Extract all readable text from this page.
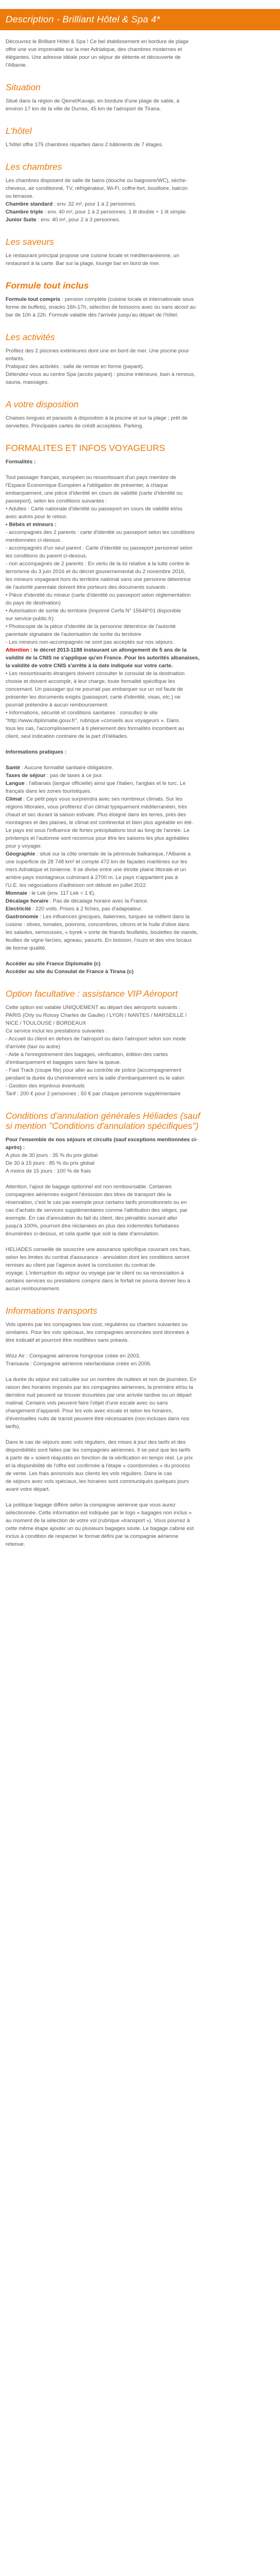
Description - Brilliant Hôtel & Spa 4*

Découvrez le Brilliant Hôtel & Spa ! Ce bel établissement en bordure de plage

offre une vue imprenable sur la mer Adriatique, des chambres modernes et

élégantes. Une adresse idéale pour un séjour de détente et découverte de

l'Albanie.

Situation

Situé dans la région de Qerret/Kavaje, en bordure d'une plage de sable, à

environ 17 km de la ville de Durres, 45 km de l'aéroport de Tirana.

L'hôtel

L'hôtel offre 175 chambres réparties dans 2 bâtiments de 7 étages.

Les chambres

Les chambres disposent de salle de bains (douche ou baignoire/WC), sèche-

cheveux, air conditionné, TV, réfrigérateur, Wi-Fi, coffre-fort, bouilloire, balcon

ou terrasse.

Chambre standard : env. 32 m², pour 1 à 2 personnes.

Chambre triple : env. 40 m², pour 1 à 2 personnes. 1 lit double + 1 lit simple.

Junior Suite : env. 40 m², pour 2 à 3 personnes.

Les saveurs

Le restaurant principal propose une cuisine locale et méditerranéenne, un

restaurant à la carte. Bar sur la plage, lounge bar en bord de mer.

Formule tout inclus

Formule tout compris : pension complète (cuisine locale et internationale sous

forme de buffets), snacks 16h-17h, sélection de boissons avec ou sans alcool au

bar de 10h à 22h. Formule valable dès l'arrivée jusqu'au départ de l'hôtel.

Les activités

Profitez des 2 piscines extérieures dont une en bord de mer. Une piscine pour

enfants.

Pratiquez des activités : salle de remise en forme (payant).

Détendez-vous au centre Spa (accès payant) : piscine intérieure, bain à remous,

sauna, massages.

A votre disposition

Chaises longues et parasols à disposition à la piscine et sur la plage ; prêt de

serviettes. Principales cartes de crédit acceptées. Parking.

FORMALITES ET INFOS VOYAGEURS

Formalités :

Tout passager français, européen ou ressortissant d'un pays membre de

l'Espace Economique Européen a l'obligation de présenter, à chaque

embarquement, une pièce d'identité en cours de validité (carte d'identité ou

passeport), selon les conditions suivantes :

• Adultes : Carte nationale d'identité ou passeport en cours de validité et/ou

avec autres pour le retour.

• Bébés et mineurs :

- accompagnés des 2 parents : carte d'identité ou passeport selon les conditions

mentionnées ci-dessus.

- accompagnés d'un seul parent : Carte d'identité ou passeport personnel selon

les conditions du parent ci-dessus.

- non accompagnés de 2 parents : En vertu de la loi relative à la lutte contre le

terrorisme du 3 juin 2016 et du décret gouvernemental du 2 novembre 2016,

les mineurs voyageant hors du territoire national sans une personne détentrice

de l'autorité parentale doivent être porteurs des documents suivants :

• Pièce d'identité du mineur (carte d'identité ou passeport selon réglementation

du pays de destination)

• Autorisation de sortie du territoire (Imprimé Cerfa N° 15646*01 disponible

sur service-public.fr)

• Photocopie de la pièce d'identité de la personne détentrice de l'autorité

parentale signataire de l'autorisation de sortie du territoire

- Les mineurs non-accompagnés ne sont pas acceptés sur nos séjours.

Attention : le décret 2013-1188 instaurant un allongement de 5 ans de la

validité de la CNIS ne s'applique qu'en France. Pour les autorités albanaises,

la validité de votre CNIS s'arrête à la date indiquée sur votre carte.

• Les ressortissants étrangers doivent consulter le consulat de la destination

choisie et doivent accomplir, à leur charge, toute formalité spécifique les

concernant. Un passager qui ne pourrait pas embarquer sur un vol faute de

présenter les documents exigés (passeport, carte d'identité, visas, etc.) ne

pourrait prétendre à aucun remboursement.

• Informations, sécurité et conditions sanitaires : consultez le site

"http://www.diplomatie.gouv.fr", rubrique «conseils aux voyageurs ». Dans

tous les cas, l'accomplissement à ti pleinement des formalités incombent au

client, seul indication contraire de la part d'Héliades.

Informations pratiques :

Santé : Aucune formalité sanitaire obligatoire.

Taxes de séjour : pas de taxes à ce jour.

Langue : l'albanais (langue officielle) ainsi que l'italien, l'anglais et le turc. Le

français dans les zones touristiques.

Climat : Ce petit pays vous surprendra avec ses nombreux climats. Sur les

régions littorales, vous profiterez d'un climat typiquement méditerranéen, très

chaud et sec durant la saison estivale. Plus éloigné dans les terres, près des

montagnes et des plaines, le climat est continental et bien plus agréable en été.

Le pays est sous l'influence de fortes précipitations tout au long de l'année. Le

printemps et l'automne sont reconnus pour être les saisons les plus agréables

pour y voyager.

Géographie : situé sur la côte orientale de la péninsule balkanique, l'Albanie a

une superficie de 28 748 km² et compte 472 km de façades maritimes sur les

mers Adriatique et Ionienne. Il se divise entre une étroite plaine littorale et un

arrière-pays montagneux culminant à 2700 m. Le pays n'appartient pas à

l'U.E. les négociations d'adhésion ont débuté en juillet 2022

Monnaie : le Lek (env. 117 Lek = 1 €).

Décalage horaire : Pas de décalage horaire avec la France.

Electricité : 220 volts. Prises à 2 fiches, pas d'adaptateur.

Gastronomie : Les influences grecques, italiennes, turques se mêlent dans la

cuisine : olives, tomates, poivrons, concombres, citrons et le huile d'olive dans

les salades, semousses, « byrek » sorte de friands feuilletés, boulettes de viande,

feuilles de vigne farcies, agneau, yaourts. En boisson, l'ouzo et des vins locaux

de bonne qualité.

Accéder au site France Diplomatie (c)

Accéder au site du Consulat de France à Tirana (c)

Option facultative : assistance VIP Aéroport

Cette option est valable UNIQUEMENT au départ des aéroports suivants :

PARIS (Orly ou Roissy Charles de Gaulle) / LYON / NANTES / MARSEILLE /

NICE / TOULOUSE / BORDEAUX

Ce service inclut les prestations suivantes :

- Accueil du client en dehors de l'aéroport ou dans l'aéroport selon son mode

d'arrivée (taxi ou autre)

- Aide à l'enregistrement des bagages, vérification, édition des cartes

d'embarquement et bagages sans faire la queue.

- Fast Track (coupe file) pour aller au contrôle de police (accompagnement

pendant la durée du cheminement vers la salle d'embarquement ou le salon

- Gestion des imprévus éventuels

Tarif : 200 € pour 2 personnes ; 50 € par chaque personne supplémentaire

Conditions d'annulation générales Héliades (sauf
si mention "Conditions d'annulation spécifiques")

Pour l'ensemble de nos séjours et circuits (sauf exceptions mentionnées ci-

après) :

A plus de 30 jours : 35 % du prix global

De 30 à 15 jours : 85 % du prix global

A moins de 15 jours : 100 % de frais

Attention, l'ajout de bagage optionnel est non remboursable. Certaines

compagnies aériennes exigent l'émission des titres de transport dès la

réservation, c'est le cas par exemple pour certains tarifs promotionnels ou en

cas d'achats de services supplémentaires comme l'attribution des sièges, par

exemple. En cas d'annulation du fait du client, des pénalités ouvrant aller

jusqu'à 100%, pourront être réclamées en plus des indemnités forfaitaires

énumérées ci-dessus, et cela quelle que soit la date d'annulation.

HELIADES conseille de souscrire une assurance spécifique couvrant ces frais,

selon les limites du contrat d'assurance - annulation dont les conditions seront

remises au client par l'agence avant la conclusion du contrat de

voyage. L'interruption du séjour ou voyage par le client ou sa renonciation à

certains services ou prestations compris dans le forfait ne pourra donner lieu à

aucun remboursement.

Informations transports

Vols opérés par les compagnies low cost, régulières ou charters suivantes ou

similaires. Pour les vols spéciaux, les compagnies annoncées sont données à

titre indicatif et pourront être modifiées sans préavis.

Wizz Air : Compagnie aérienne hongroise créée en 2003.

Transavia : Compagnie aérienne néerlandaise créée en 2006.

La durée du séjour est calculée sur un nombre de nuitées et non de journées. En

raison des horaires imposés par les compagnies aériennes, la première et/ou la

dernière nuit peuvent se trouver écourtées par une arrivée tardive ou un départ

matinal. Certains vols peuvent faire l'objet d'une escale avec ou sans

changement d'appareil. Pour les vols avec escale et selon les horaires,

d'éventuelles nuits de transit peuvent être nécessaires (non incluses dans nos

tarifs).

Dans le cas de séjours avec vols réguliers, des mises à jour des tarifs et des

disponibilités sont faites par les compagnies aériennes. Il se peut que les tarifs

à partir de « soient réajustés en fonction de la vérification en temps réel. Le prix

et la disponibilité de l'offre est confirmée à l'étape « coordonnées » du process

de vente. Les frais annoncés aux clients les vols réguliers. Dans le cas

de séjours avec vols spéciaux, les horaires sont communiqués quelques jours

avant votre départ.

La politique bagage diffère selon la compagnie aérienne que vous aurez

sélectionnée. Cette information est indiquée par le logo « bagages non inclus »

au moment de la sélection de votre vol (rubrique «transport »). Vous pourrez à

cette même étape ajouter un ou plusieurs bagages soute. Le bagage cabine est

inclus à condition de respecter le format défini par la compagnie aérienne

retenue.
